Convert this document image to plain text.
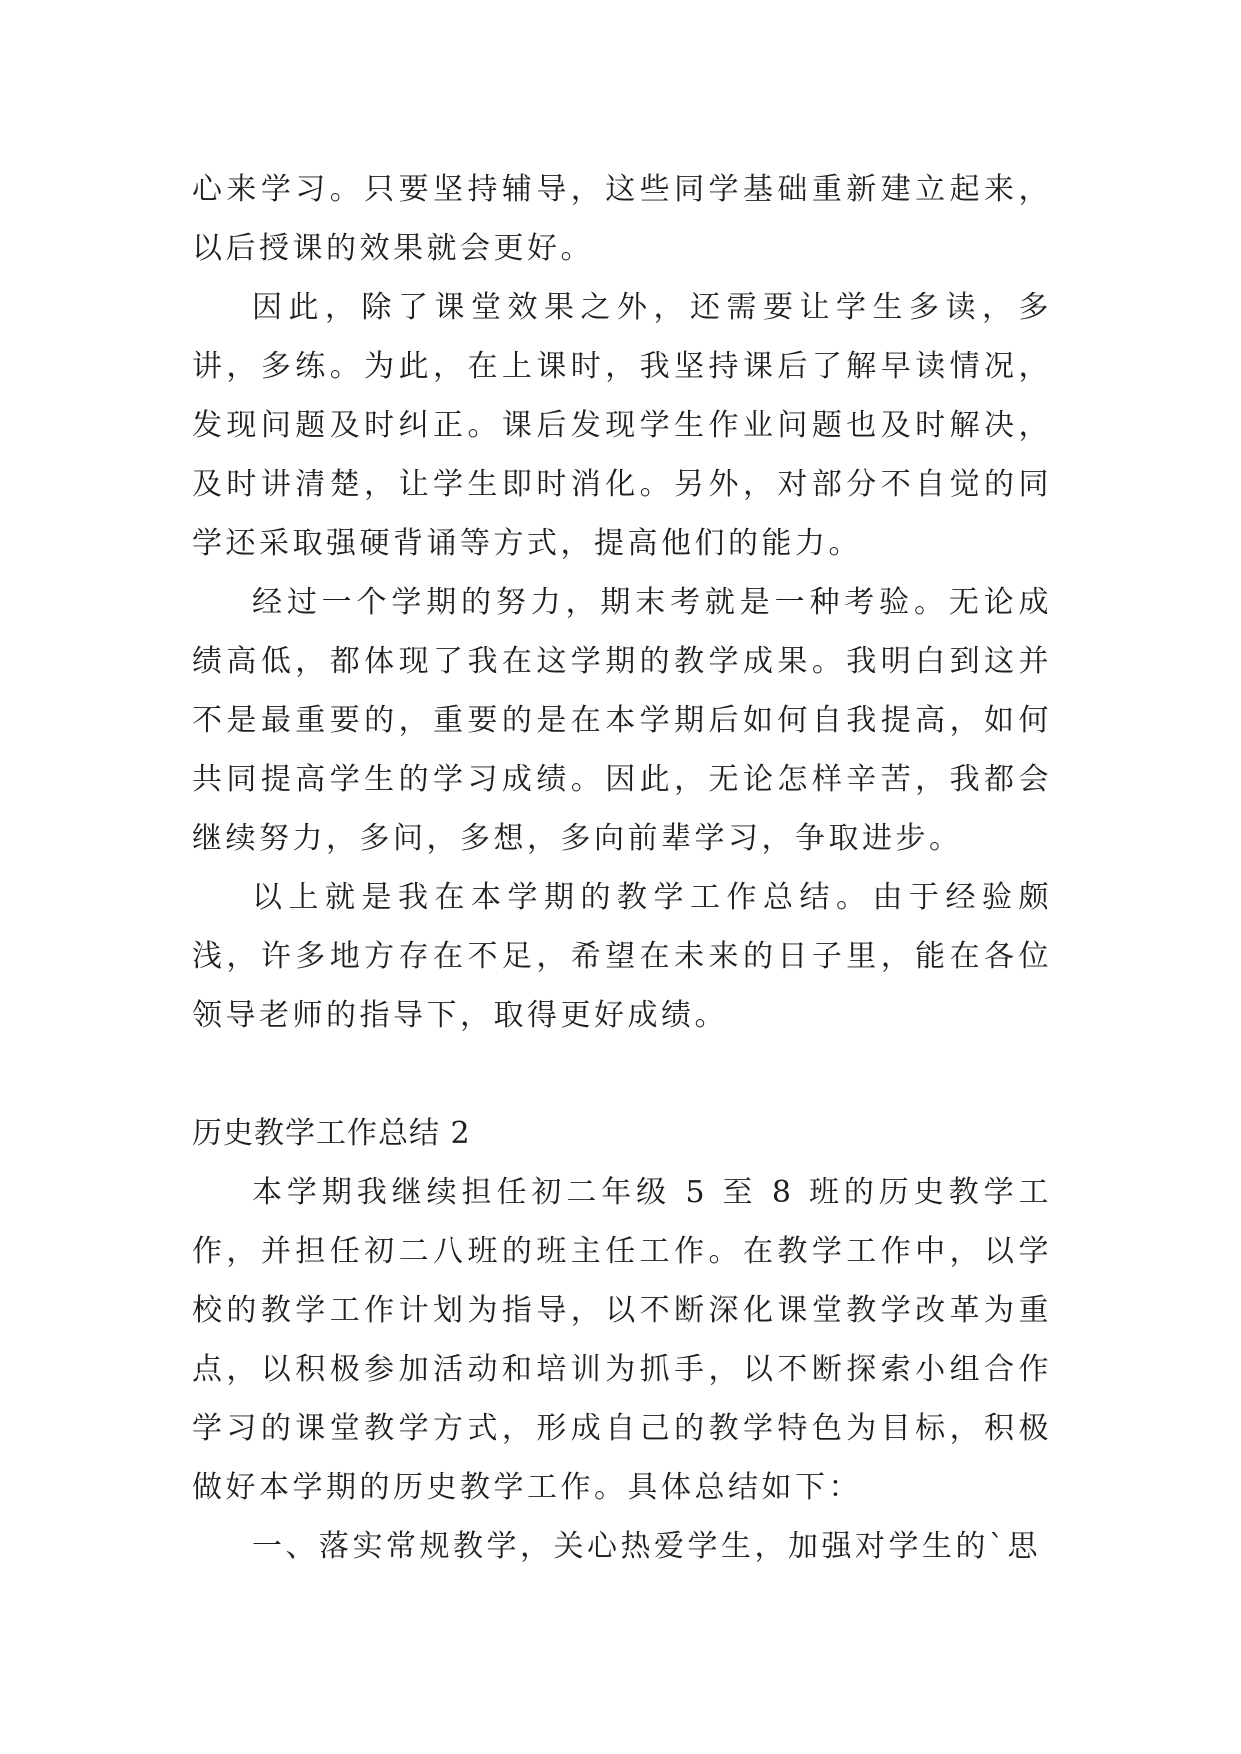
心来学习。只要坚持辅导，这些同学基础重新建立起来，以后授课的效果就会更好。

因此，除了课堂效果之外，还需要让学生多读，多讲，多练。为此，在上课时，我坚持课后了解早读情况，发现问题及时纠正。课后发现学生作业问题也及时解决，及时讲清楚，让学生即时消化。另外，对部分不自觉的同学还采取强硬背诵等方式，提高他们的能力。

经过一个学期的努力，期末考就是一种考验。无论成绩高低，都体现了我在这学期的教学成果。我明白到这并不是最重要的，重要的是在本学期后如何自我提高，如何共同提高学生的学习成绩。因此，无论怎样辛苦，我都会继续努力，多问，多想，多向前辈学习，争取进步。

以上就是我在本学期的教学工作总结。由于经验颇浅，许多地方存在不足，希望在未来的日子里，能在各位领导老师的指导下，取得更好成绩。

历史教学工作总结 2

本学期我继续担任初二年级 5 至 8 班的历史教学工作，并担任初二八班的班主任工作。在教学工作中，以学校的教学工作计划为指导，以不断深化课堂教学改革为重点，以积极参加活动和培训为抓手，以不断探索小组合作学习的课堂教学方式，形成自己的教学特色为目标，积极做好本学期的历史教学工作。具体总结如下：

一、落实常规教学，关心热爱学生，加强对学生的`思
